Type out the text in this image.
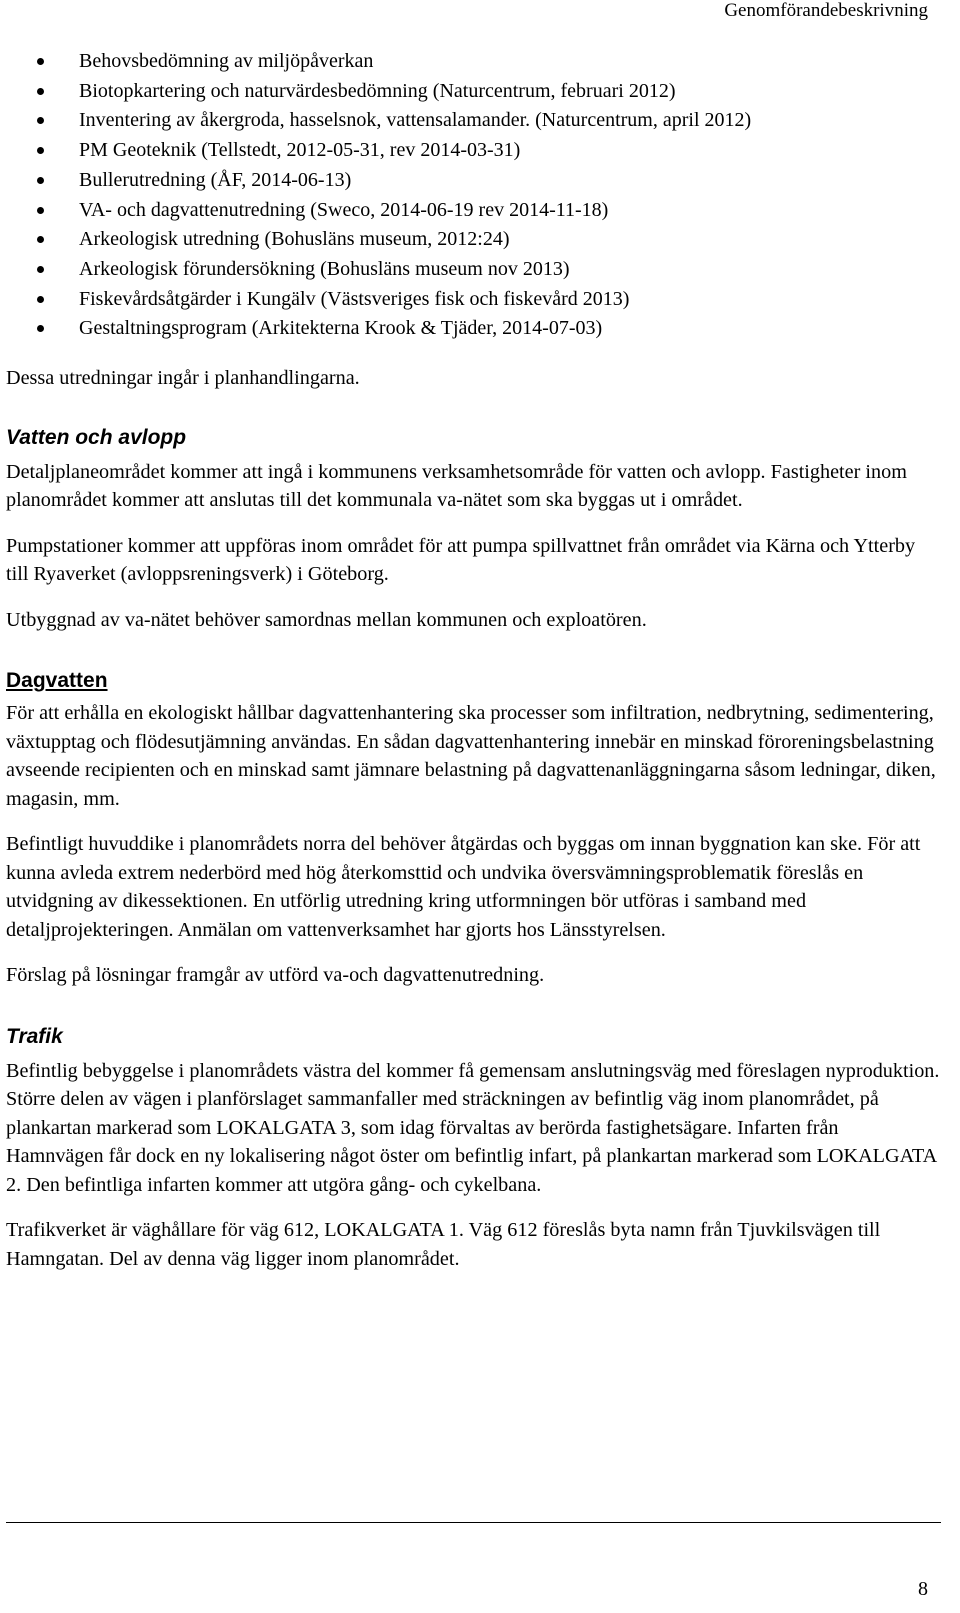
Genomförandebeskrivning
Behovsbedömning av miljöpåverkan
Biotopkartering och naturvärdesbedömning (Naturcentrum, februari 2012)
Inventering av åkergroda, hasselsnok, vattensalamander. (Naturcentrum, april 2012)
PM Geoteknik (Tellstedt, 2012-05-31, rev 2014-03-31)
Bullerutredning (ÅF, 2014-06-13)
VA- och dagvattenutredning (Sweco, 2014-06-19 rev 2014-11-18)
Arkeologisk utredning (Bohusläns museum, 2012:24)
Arkeologisk förundersökning (Bohusläns museum nov 2013)
Fiskevårdsåtgärder i Kungälv (Västsveriges fisk och fiskevård 2013)
Gestaltningsprogram (Arkitekterna Krook & Tjäder, 2014-07-03)

Dessa utredningar ingår i planhandlingarna.

Vatten och avlopp

Detaljplaneområdet kommer att ingå i kommunens verksamhetsområde för vatten och avlopp. Fastigheter inom planområdet kommer att anslutas till det kommunala va-nätet som ska byggas ut i området.

Pumpstationer kommer att uppföras inom området för att pumpa spillvattnet från området via Kärna och Ytterby till Ryaverket (avloppsreningsverk) i Göteborg.

Utbyggnad av va-nätet behöver samordnas mellan kommunen och exploatören.

Dagvatten

För att erhålla en ekologiskt hållbar dagvattenhantering ska processer som infiltration, nedbrytning, sedimentering, växtupptag och flödesutjämning användas. En sådan dagvattenhantering innebär en minskad föroreningsbelastning avseende recipienten och en minskad samt jämnare belastning på dagvattenanläggningarna såsom ledningar, diken, magasin, mm.

Befintligt huvuddike i planområdets norra del behöver åtgärdas och byggas om innan byggnation kan ske. För att kunna avleda extrem nederbörd med hög återkomsttid och undvika översvämningsproblematik föreslås en utvidgning av dikessektionen. En utförlig utredning kring utformningen bör utföras i samband med detaljprojekteringen. Anmälan om vattenverksamhet har gjorts hos Länsstyrelsen.

Förslag på lösningar framgår av utförd va-och dagvattenutredning.

Trafik

Befintlig bebyggelse i planområdets västra del kommer få gemensam anslutningsväg med föreslagen nyproduktion. Större delen av vägen i planförslaget sammanfaller med sträckningen av befintlig väg inom planområdet, på plankartan markerad som LOKALGATA 3, som idag förvaltas av berörda fastighetsägare. Infarten från Hamnvägen får dock en ny lokalisering något öster om befintlig infart, på plankartan markerad som LOKALGATA 2. Den befintliga infarten kommer att utgöra gång- och cykelbana.

Trafikverket är väghållare för väg 612, LOKALGATA 1. Väg 612 föreslås byta namn från Tjuvkilsvägen till Hamngatan. Del av denna väg ligger inom planområdet.

8
